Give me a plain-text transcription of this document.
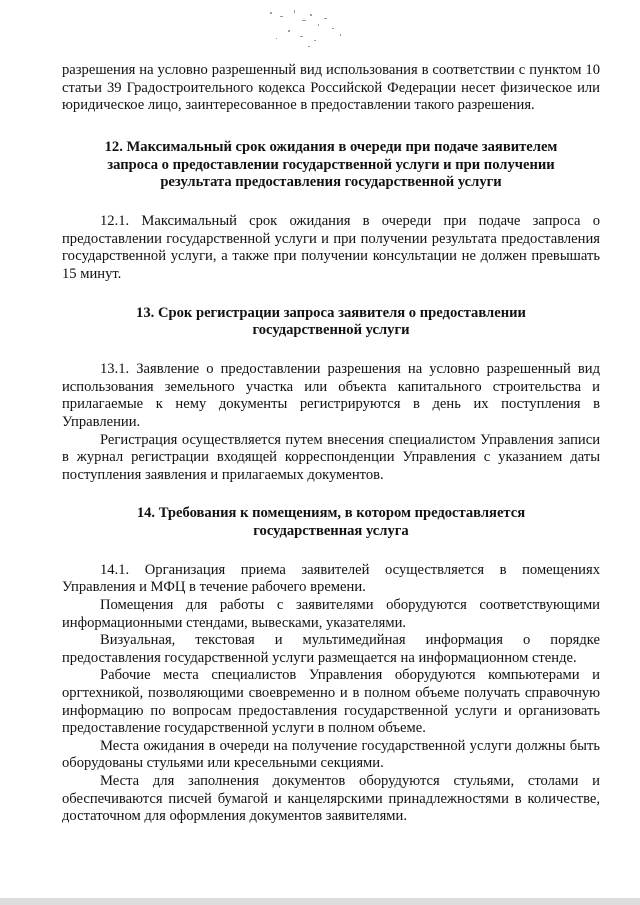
разрешения на условно разрешенный вид использования в соответствии с пунктом 10 статьи 39 Градостроительного кодекса Российской Федерации несет физическое или юридическое лицо, заинтересованное в предоставлении такого разрешения.

12. Максимальный срок ожидания в очереди при подаче заявителем запроса о предоставлении государственной услуги и при получении результата предоставления государственной услуги

12.1. Максимальный срок ожидания в очереди при подаче запроса о предоставлении государственной услуги и при получении результата предоставления государственной услуги, а также при получении консультации не должен превышать 15 минут.

13. Срок регистрации запроса заявителя о предоставлении государственной услуги

13.1. Заявление о предоставлении разрешения на условно разрешенный вид использования земельного участка или объекта капитального строительства и прилагаемые к нему документы регистрируются в день их поступления в Управлении.

Регистрация осуществляется путем внесения специалистом Управления записи в журнал регистрации входящей корреспонденции Управления с указанием даты поступления заявления и прилагаемых документов.

14. Требования к помещениям, в котором предоставляется государственная услуга

14.1. Организация приема заявителей осуществляется в помещениях Управления и МФЦ в течение рабочего времени.

Помещения для работы с заявителями оборудуются соответствующими информационными стендами, вывесками, указателями.

Визуальная, текстовая и мультимедийная информация о порядке предоставления государственной услуги размещается на информационном стенде.

Рабочие места специалистов Управления оборудуются компьютерами и оргтехникой, позволяющими своевременно и в полном объеме получать справочную информацию по вопросам предоставления государственной услуги и организовать предоставление государственной услуги в полном объеме.

Места ожидания в очереди на получение государственной услуги должны быть оборудованы стульями или кресельными секциями.

Места для заполнения документов оборудуются стульями, столами и обеспечиваются писчей бумагой и канцелярскими принадлежностями в количестве, достаточном для оформления документов заявителями.
